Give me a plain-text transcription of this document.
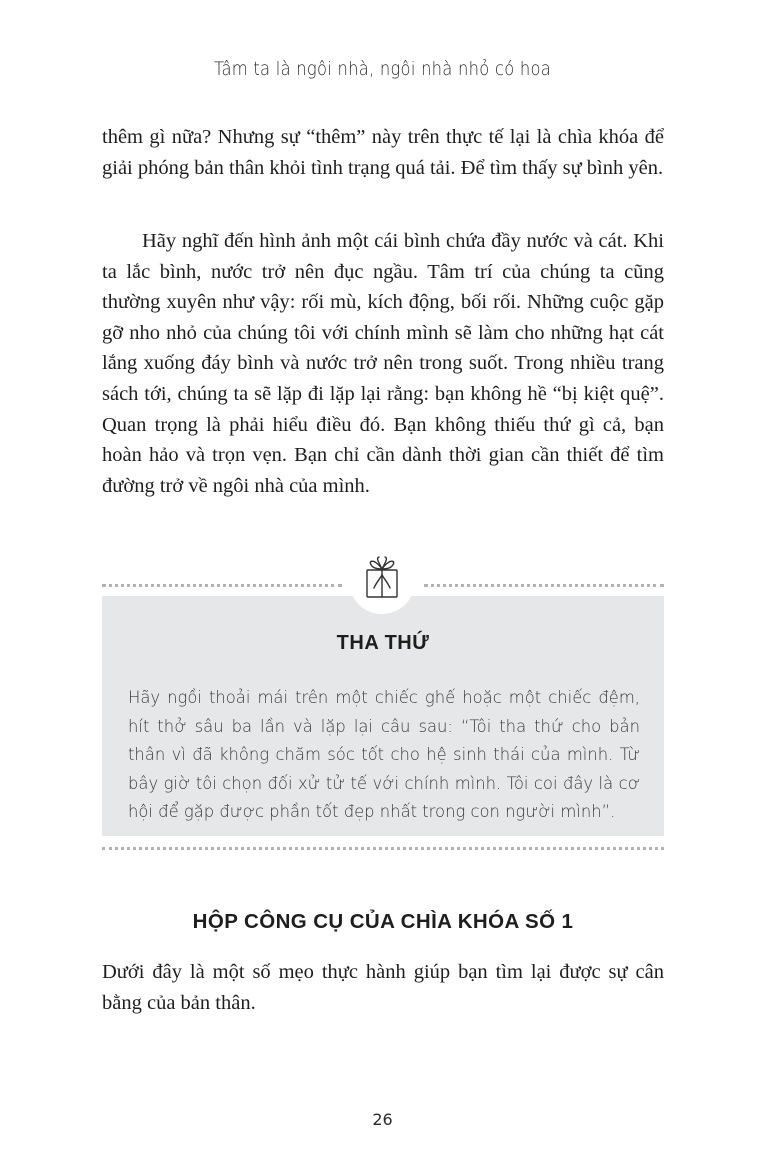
Tâm ta là ngôi nhà, ngôi nhà nhỏ có hoa

thêm gì nữa? Nhưng sự “thêm” này trên thực tế lại là chìa khóa để giải phóng bản thân khỏi tình trạng quá tải. Để tìm thấy sự bình yên.

Hãy nghĩ đến hình ảnh một cái bình chứa đầy nước và cát. Khi ta lắc bình, nước trở nên đục ngầu. Tâm trí của chúng ta cũng thường xuyên như vậy: rối mù, kích động, bối rối. Những cuộc gặp gỡ nho nhỏ của chúng tôi với chính mình sẽ làm cho những hạt cát lắng xuống đáy bình và nước trở nên trong suốt. Trong nhiều trang sách tới, chúng ta sẽ lặp đi lặp lại rằng: bạn không hề “bị kiệt quệ”. Quan trọng là phải hiểu điều đó. Bạn không thiếu thứ gì cả, bạn hoàn hảo và trọn vẹn. Bạn chỉ cần dành thời gian cần thiết để tìm đường trở về ngôi nhà của mình.

THA THỨ

Hãy ngồi thoải mái trên một chiếc ghế hoặc một chiếc đệm, hít thở sâu ba lần và lặp lại câu sau: “Tôi tha thứ cho bản thân vì đã không chăm sóc tốt cho hệ sinh thái của mình. Từ bây giờ tôi chọn đối xử tử tế với chính mình. Tôi coi đây là cơ hội để gặp được phần tốt đẹp nhất trong con người mình”.

HỘP CÔNG CỤ CỦA CHÌA KHÓA SỐ 1

Dưới đây là một số mẹo thực hành giúp bạn tìm lại được sự cân bằng của bản thân.

26
